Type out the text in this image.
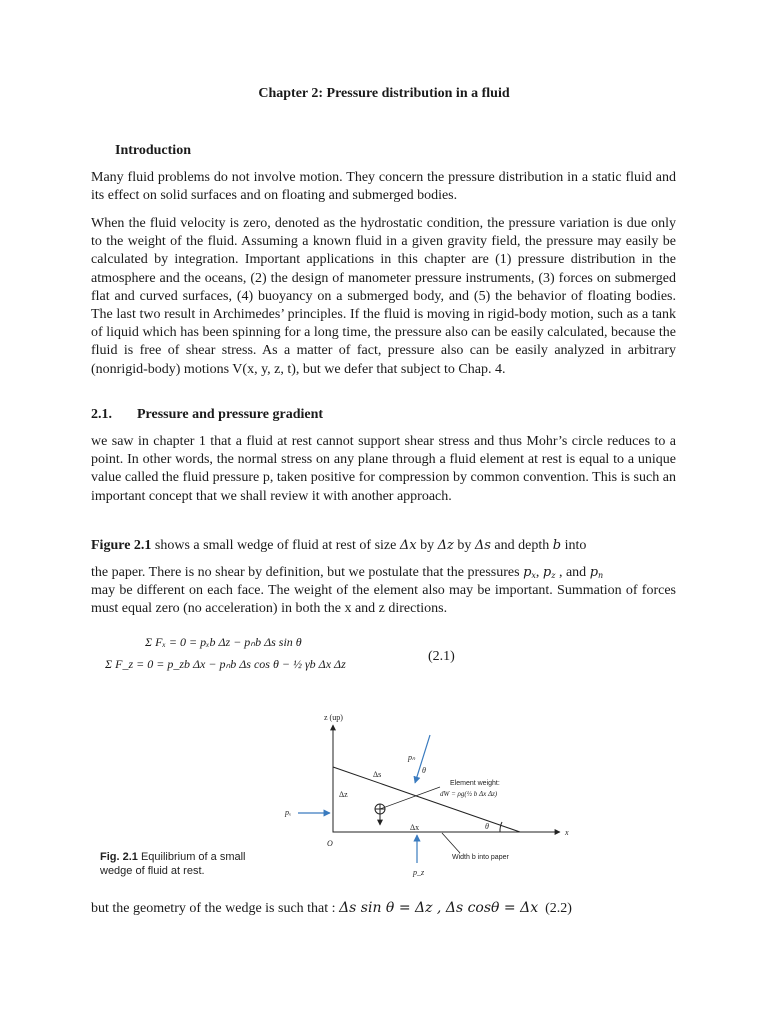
Chapter 2: Pressure distribution in a fluid
Introduction

Many fluid problems do not involve motion. They concern the pressure distribution in a static fluid and its effect on solid surfaces and on floating and submerged bodies.

When the fluid velocity is zero, denoted as the hydrostatic condition, the pressure variation is due only to the weight of the fluid. Assuming a known fluid in a given gravity field, the pressure may easily be calculated by integration. Important applications in this chapter are (1) pressure distribution in the atmosphere and the oceans, (2) the design of manometer pressure instruments, (3) forces on submerged flat and curved surfaces, (4) buoyancy on a submerged body, and (5) the behavior of floating bodies. The last two result in Archimedes’ principles. If the fluid is moving in rigid-body motion, such as a tank of liquid which has been spinning for a long time, the pressure also can be easily calculated, because the fluid is free of shear stress. As a matter of fact, pressure also can be easily analyzed in arbitrary (nonrigid-body) motions V(x, y, z, t), but we defer that subject to Chap. 4.

2.1. Pressure and pressure gradient

we saw in chapter 1 that a fluid at rest cannot support shear stress and thus Mohr’s circle reduces to a point. In other words, the normal stress on any plane through a fluid element at rest is equal to a unique value called the fluid pressure p, taken positive for compression by common convention. This is such an important concept that we shall review it with another approach.

Figure 2.1 shows a small wedge of fluid at rest of size Δx by Δz by Δs and depth b into

the paper. There is no shear by definition, but we postulate that the pressures $p_x$, $p_z$ , and $p_n$

may be different on each face. The weight of the element also may be important. Summation of forces must equal zero (no acceleration) in both the x and z directions.

Σ Fₓ = 0 = pₓb Δz − pₙb Δs sin θ
Σ F_z = 0 = p_zb Δx − pₙb Δs cos θ − ½ γb Δx Δz	(2.1)
z (up)
x
O
pₙ
θ
θ
Δs
Δz
Δx
pₓ
p_z
Element weight:
dW = ρg(½ b Δx Δz)
Width b into paper
Fig. 2.1 Equilibrium of a small
wedge of fluid at rest.
but the geometry of the wedge is such that : Δs sin θ = Δz , Δs cosθ = Δx (2.2)
